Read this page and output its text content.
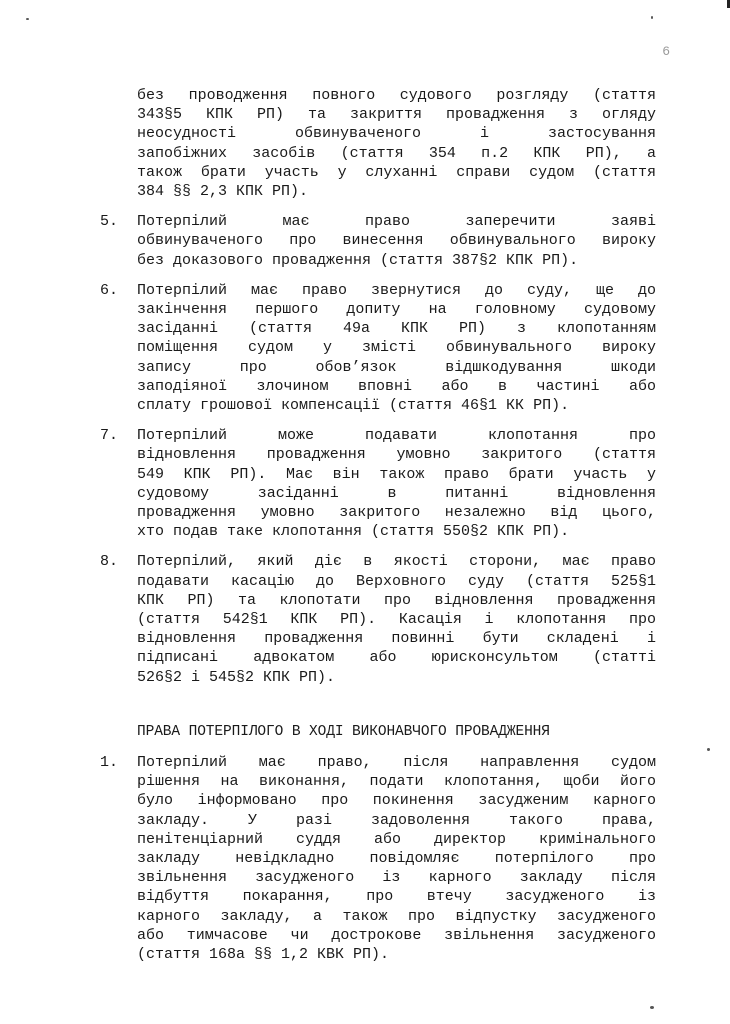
6

без проводження повного судового розгляду (стаття
343§5 КПК РП) та закриття провадження з огляду
неосудності обвинуваченого і застосування
запобіжних засобів (стаття 354 п.2 КПК РП), а
також брати участь у слуханні справи судом (стаття
384 §§ 2,3 КПК РП).

5. Потерпілий має право заперечити заяві
обвинуваченого про винесення обвинувального вироку
без доказового провадження (стаття 387§2 КПК РП).

6. Потерпілий має право звернутися до суду, ще до
закінчення першого допиту на головному судовому
засіданні (стаття 49а КПК РП) з клопотанням
поміщення судом у змісті обвинувального вироку
запису про обов’язок відшкодування шкоди
заподіяної злочином вповні або в частині або
сплату грошової компенсації (стаття 46§1 КК РП).

7. Потерпілий може подавати клопотання про
відновлення провадження умовно закритого (стаття
549 КПК РП). Має він також право брати участь у
судовому засіданні в питанні відновлення
провадження умовно закритого незалежно від цього,
хто подав таке клопотання (стаття 550§2 КПК РП).

8. Потерпілий, який діє в якості сторони, має право
подавати касацію до Верховного суду (стаття 525§1
КПК РП) та клопотати про відновлення провадження
(стаття 542§1 КПК РП). Касація і клопотання про
відновлення провадження повинні бути складені і
підписані адвокатом або юрисконсультом (статті
526§2 і 545§2 КПК РП).

ПРАВА ПОТЕРПІЛОГО В ХОДІ ВИКОНАВЧОГО ПРОВАДЖЕННЯ
1. Потерпілий має право, після направлення судом
рішення на виконання, подати клопотання, щоби його
було інформовано про покинення засудженим карного
закладу. У разі задоволення такого права,
пенітенціарний суддя або директор кримінального
закладу невідкладно повідомляє потерпілого про
звільнення засудженого із карного закладу після
відбуття покарання, про втечу засудженого із
карного закладу, а також про відпустку засудженого
або тимчасове чи дострокове звільнення засудженого
(стаття 168а §§ 1,2 КВК РП).
